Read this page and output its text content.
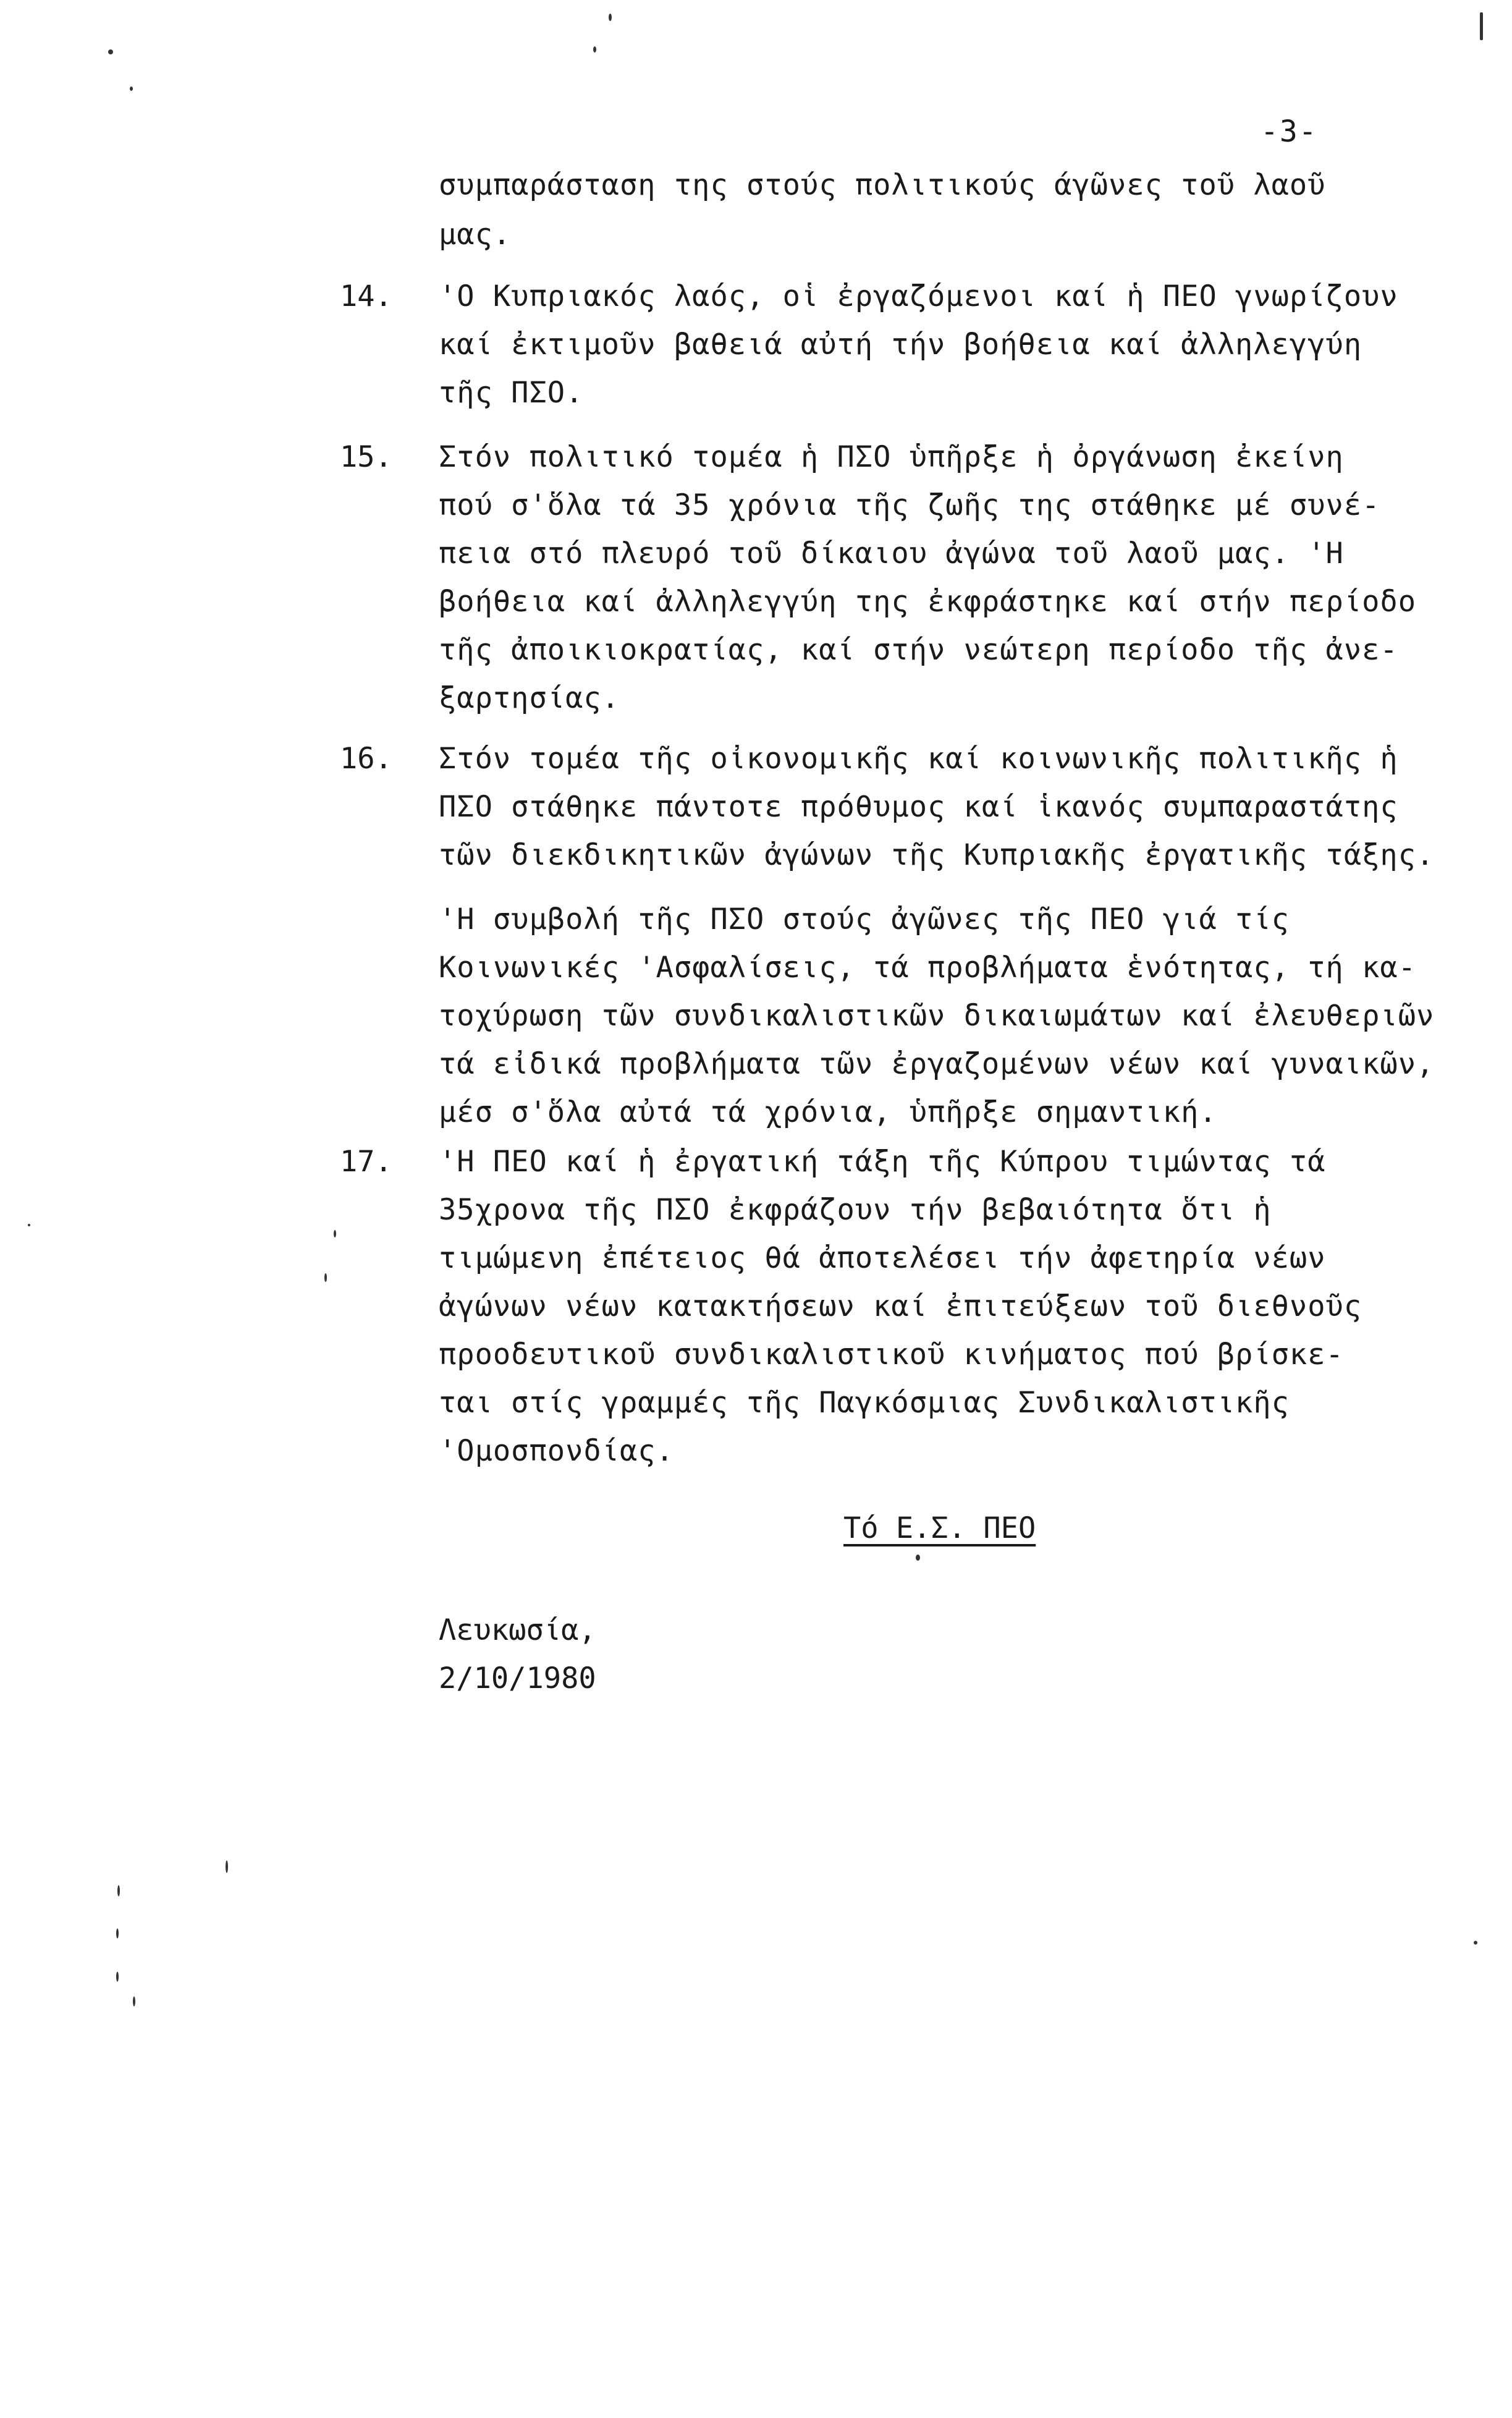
-3-
συμπαράσταση της στούς πολιτικούς άγῶνες τοῦ λαοῦ
μας.
14. 'Ο Κυπριακός λαός, οἱ ἐργαζόμενοι καί ἡ ΠΕΟ γνωρίζουν
καί ἐκτιμοῦν βαθειά αὐτή τήν βοήθεια καί ἀλληλεγγύη
τῆς ΠΣΟ.
15. Στόν πολιτικό τομέα ἡ ΠΣΟ ὑπῆρξε ἡ ὀργάνωση ἐκείνη
πού σ'ὅλα τά 35 χρόνια τῆς ζωῆς της στάθηκε μέ συνέ-
πεια στό πλευρό τοῦ δίκαιου ἀγώνα τοῦ λαοῦ μας. 'Η
βοήθεια καί ἀλληλεγγύη της ἐκφράστηκε καί στήν περίοδο
τῆς ἀποικιοκρατίας, καί στήν νεώτερη περίοδο τῆς ἀνε-
ξαρτησίας.
16. Στόν τομέα τῆς οἰκονομικῆς καί κοινωνικῆς πολιτικῆς ἡ
ΠΣΟ στάθηκε πάντοτε πρόθυμος καί ἱκανός συμπαραστάτης
τῶν διεκδικητικῶν ἀγώνων τῆς Κυπριακῆς ἐργατικῆς τάξης.
'Η συμβολή τῆς ΠΣΟ στούς ἀγῶνες τῆς ΠΕΟ γιά τίς
Κοινωνικές 'Ασφαλίσεις, τά προβλήματα ἑνότητας, τή κα-
τοχύρωση τῶν συνδικαλιστικῶν δικαιωμάτων καί ἐλευθεριῶν
τά εἰδικά προβλήματα τῶν ἐργαζομένων νέων καί γυναικῶν,
μέσ σ'ὅλα αὐτά τά χρόνια, ὑπῆρξε σημαντική.
17. 'Η ΠΕΟ καί ἡ ἐργατική τάξη τῆς Κύπρου τιμώντας τά
35χρονα τῆς ΠΣΟ ἐκφράζουν τήν βεβαιότητα ὅτι ἡ
τιμώμενη ἐπέτειος θά ἀποτελέσει τήν ἀφετηρία νέων
ἀγώνων νέων κατακτήσεων καί ἐπιτεύξεων τοῦ διεθνοῦς
προοδευτικοῦ συνδικαλιστικοῦ κινήματος πού βρίσκε-
ται στίς γραμμές τῆς Παγκόσμιας Συνδικαλιστικῆς
'Ομοσπονδίας.
Τό Ε.Σ. ΠΕΟ
Λευκωσία,
2/10/1980
